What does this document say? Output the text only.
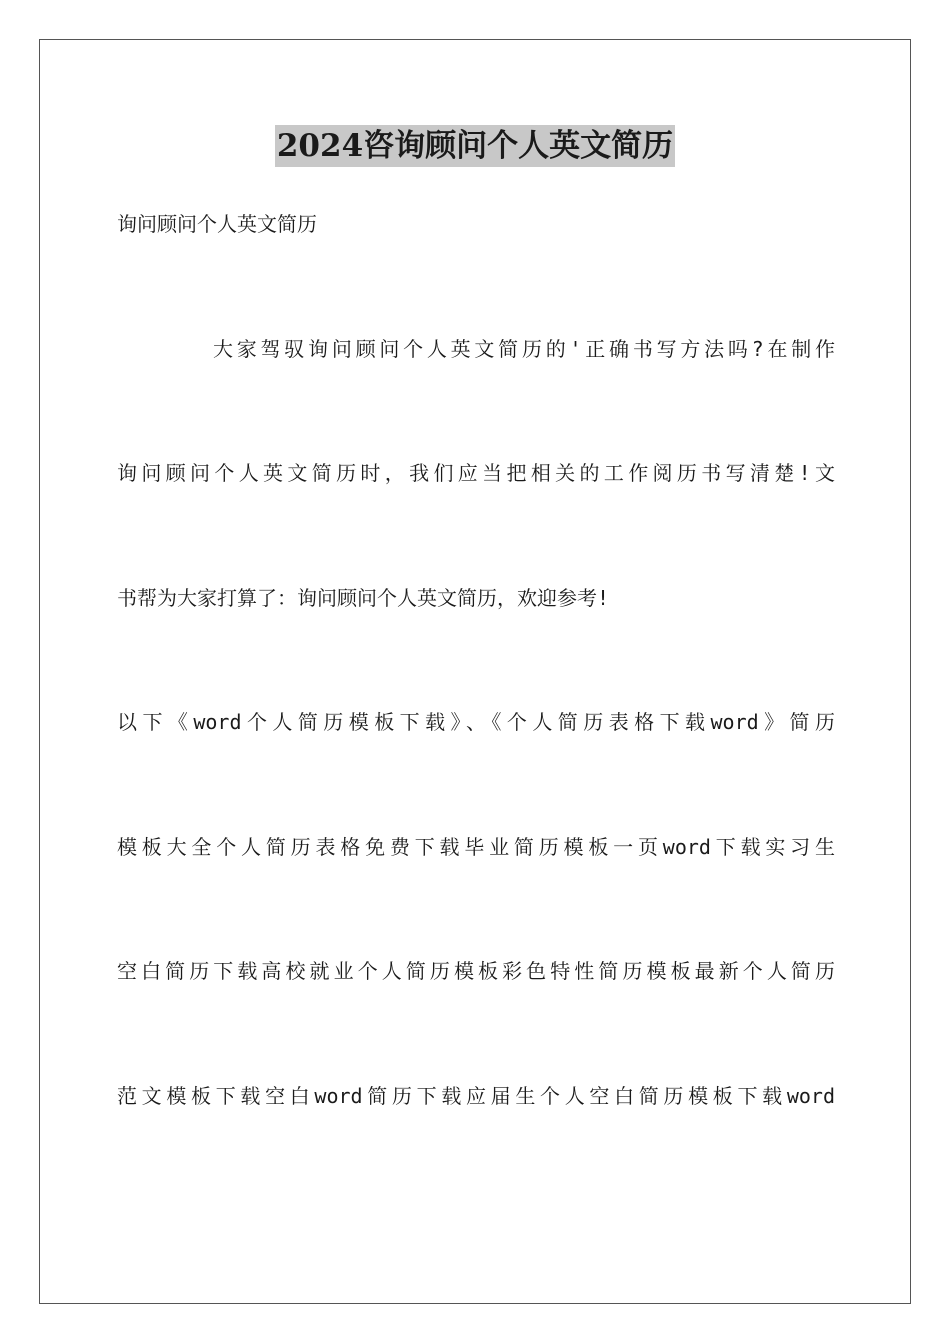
2024咨询顾问个人英文简历
询问顾问个人英文简历
大家驾驭询问顾问个人英文简历的'正确书写方法吗?在制作
询问顾问个人英文简历时，我们应当把相关的工作阅历书写清楚!文
书帮为大家打算了：询问顾问个人英文简历，欢迎参考!
以下《word个人简历模板下载》、《个人简历表格下载word》简历
模板大全个人简历表格免费下载毕业简历模板一页word下载实习生
空白简历下载高校就业个人简历模板彩色特性简历模板最新个人简历
范文模板下载空白word简历下载应届生个人空白简历模板下载word
